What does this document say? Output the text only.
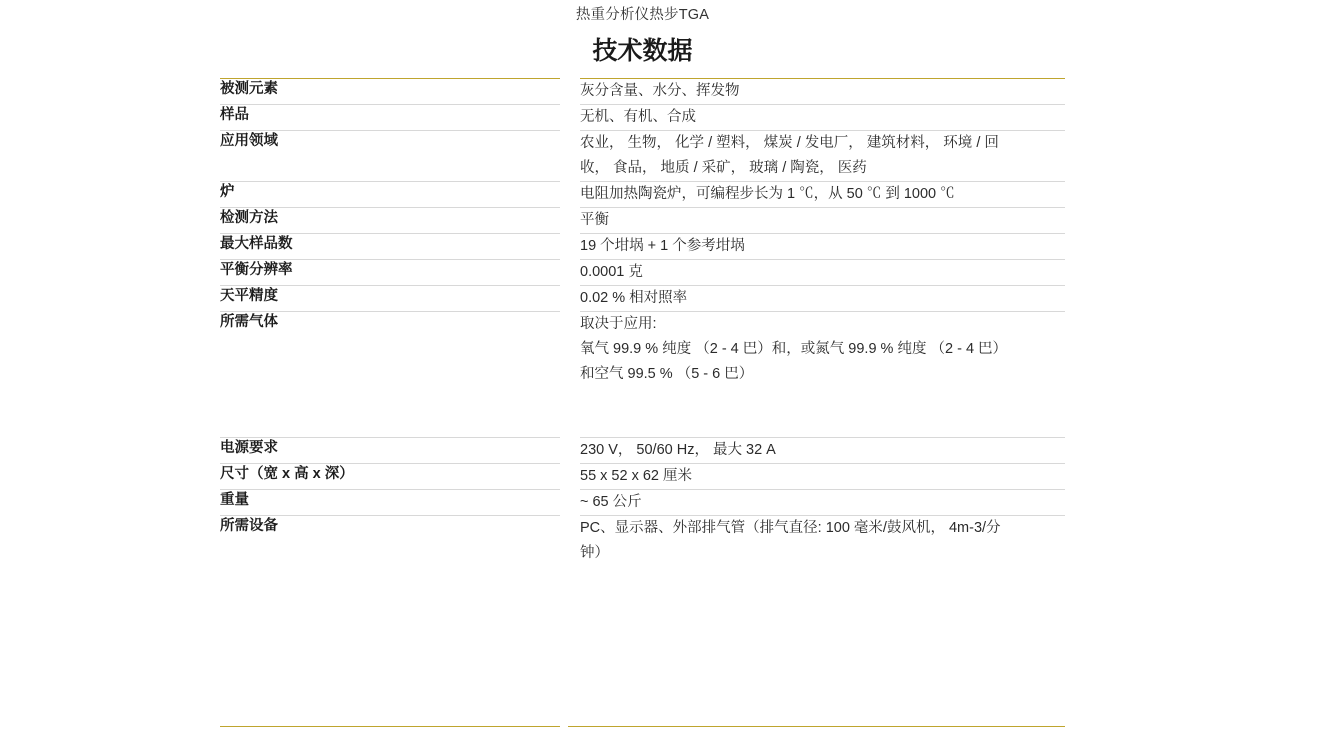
热重分析仪热步TGA
技术数据
被测元素		灰分含量、水分、挥发物

样品		无机、有机、合成

应用领域		农业， 生物， 化学 / 塑料， 煤炭 / 发电厂， 建筑材料， 环境 / 回
收， 食品， 地质 / 采矿， 玻璃 / 陶瓷， 医药

炉		电阻加热陶瓷炉，可编程步长为 1 ℃，从 50 ℃ 到 1000 ℃

检测方法		平衡

最大样品数		19 个坩埚 + 1 个参考坩埚

平衡分辨率		0.0001 克

天平精度		0.02 % 相对照率

所需气体		取决于应用:
氧气 99.9 % 纯度 （2 - 4 巴）和，或氮气 99.9 % 纯度 （2 - 4 巴）
和空气 99.5 % （5 - 6 巴）

电源要求		230 V， 50/60 Hz， 最大 32 A

尺寸（宽 x 高 x 深）		55 x 52 x 62 厘米

重量		~ 65 公斤

所需设备		PC、显示器、外部排气管（排气直径: 100 毫米/鼓风机， 4m-3/分
钟）
